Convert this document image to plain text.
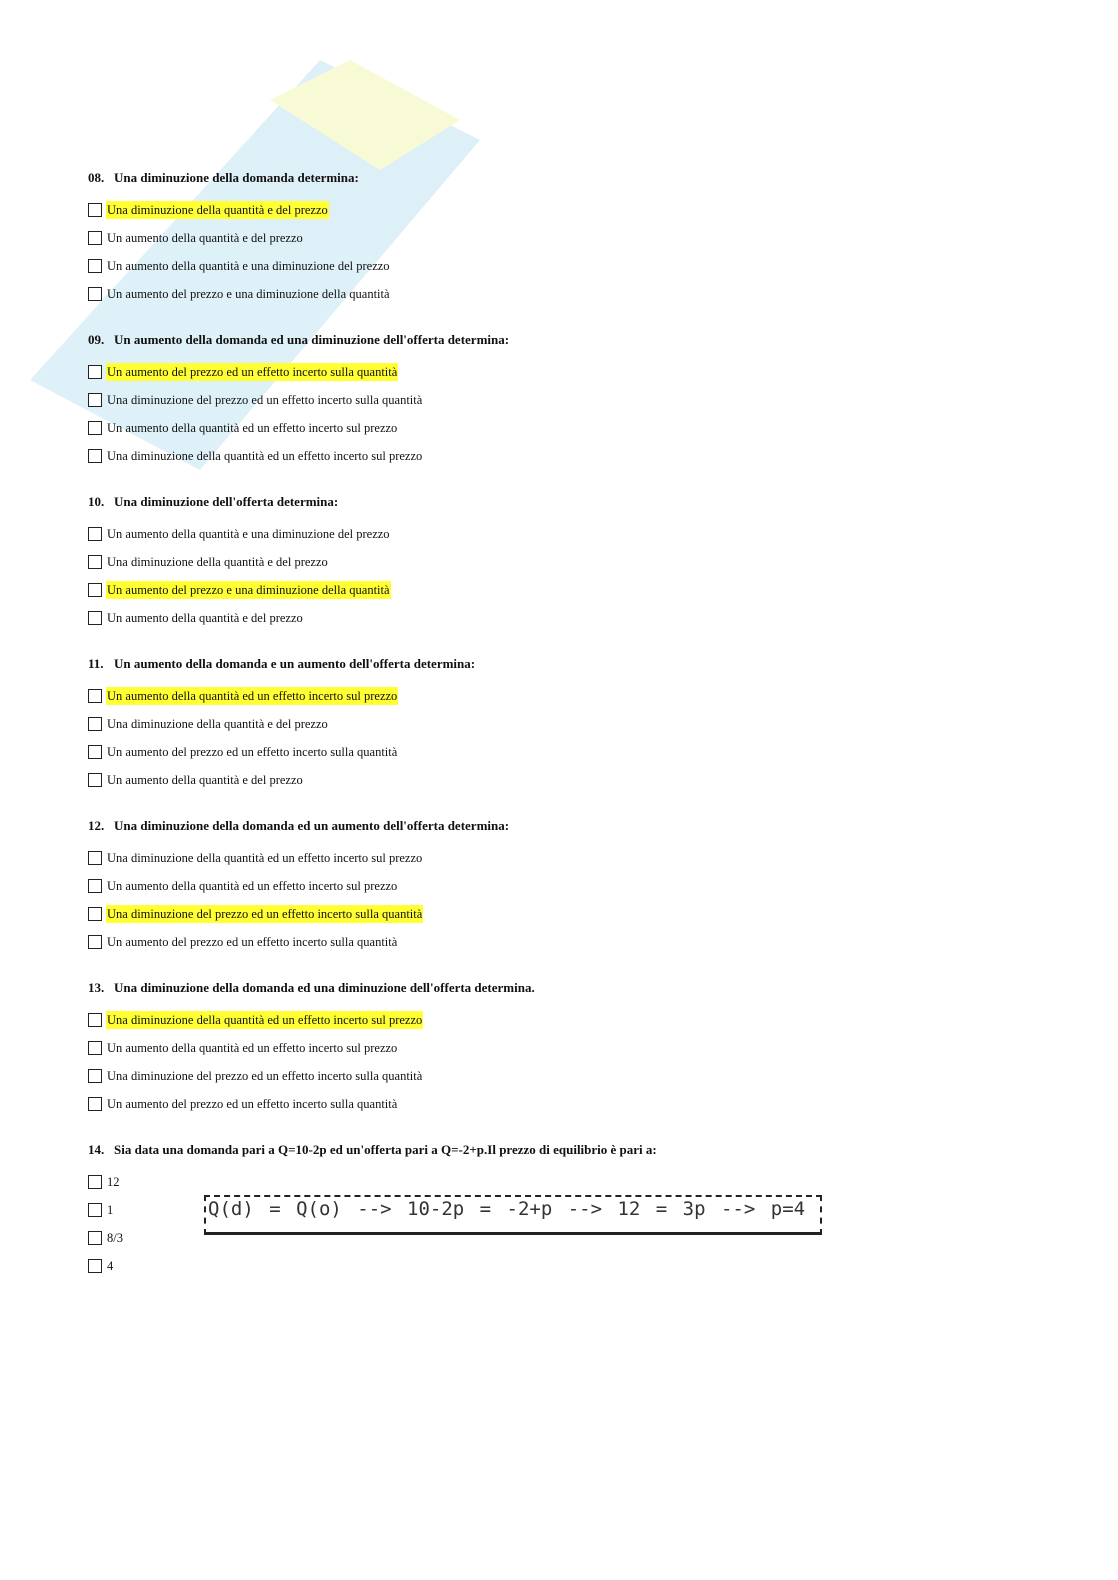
08. Una diminuzione della domanda determina:
Una diminuzione della quantità e del prezzo
Un aumento della quantità e del prezzo
Un aumento della quantità e una diminuzione del prezzo
Un aumento del prezzo e una diminuzione della quantità
09. Un aumento della domanda ed una diminuzione dell'offerta determina:
Un aumento del prezzo ed un effetto incerto sulla quantità
Una diminuzione del prezzo ed un effetto incerto sulla quantità
Un aumento della quantità ed un effetto incerto sul prezzo
Una diminuzione della quantità ed un effetto incerto sul prezzo
10. Una diminuzione dell'offerta determina:
Un aumento della quantità e una diminuzione del prezzo
Una diminuzione della quantità e del prezzo
Un aumento del prezzo e una diminuzione della quantità
Un aumento della quantità e del prezzo
11. Un aumento della domanda e un aumento dell'offerta determina:
Un aumento della quantità ed un effetto incerto sul prezzo
Una diminuzione della quantità e del prezzo
Un aumento del prezzo ed un effetto incerto sulla quantità
Un aumento della quantità e del prezzo
12. Una diminuzione della domanda ed un aumento dell'offerta determina:
Una diminuzione della quantità ed un effetto incerto sul prezzo
Un aumento della quantità ed un effetto incerto sul prezzo
Una diminuzione del prezzo ed un effetto incerto sulla quantità
Un aumento del prezzo ed un effetto incerto sulla quantità
13. Una diminuzione della domanda ed una diminuzione dell'offerta determina.
Una diminuzione della quantità ed un effetto incerto sul prezzo
Un aumento della quantità ed un effetto incerto sul prezzo
Una diminuzione del prezzo ed un effetto incerto sulla quantità
Un aumento del prezzo ed un effetto incerto sulla quantità
14. Sia data una domanda pari a Q=10-2p ed un'offerta pari a Q=-2+p.Il prezzo di equilibrio è pari a:
12
1
8/3
4
Q(d) = Q(o) --> 10-2p = -2+p --> 12 = 3p --> p=4
